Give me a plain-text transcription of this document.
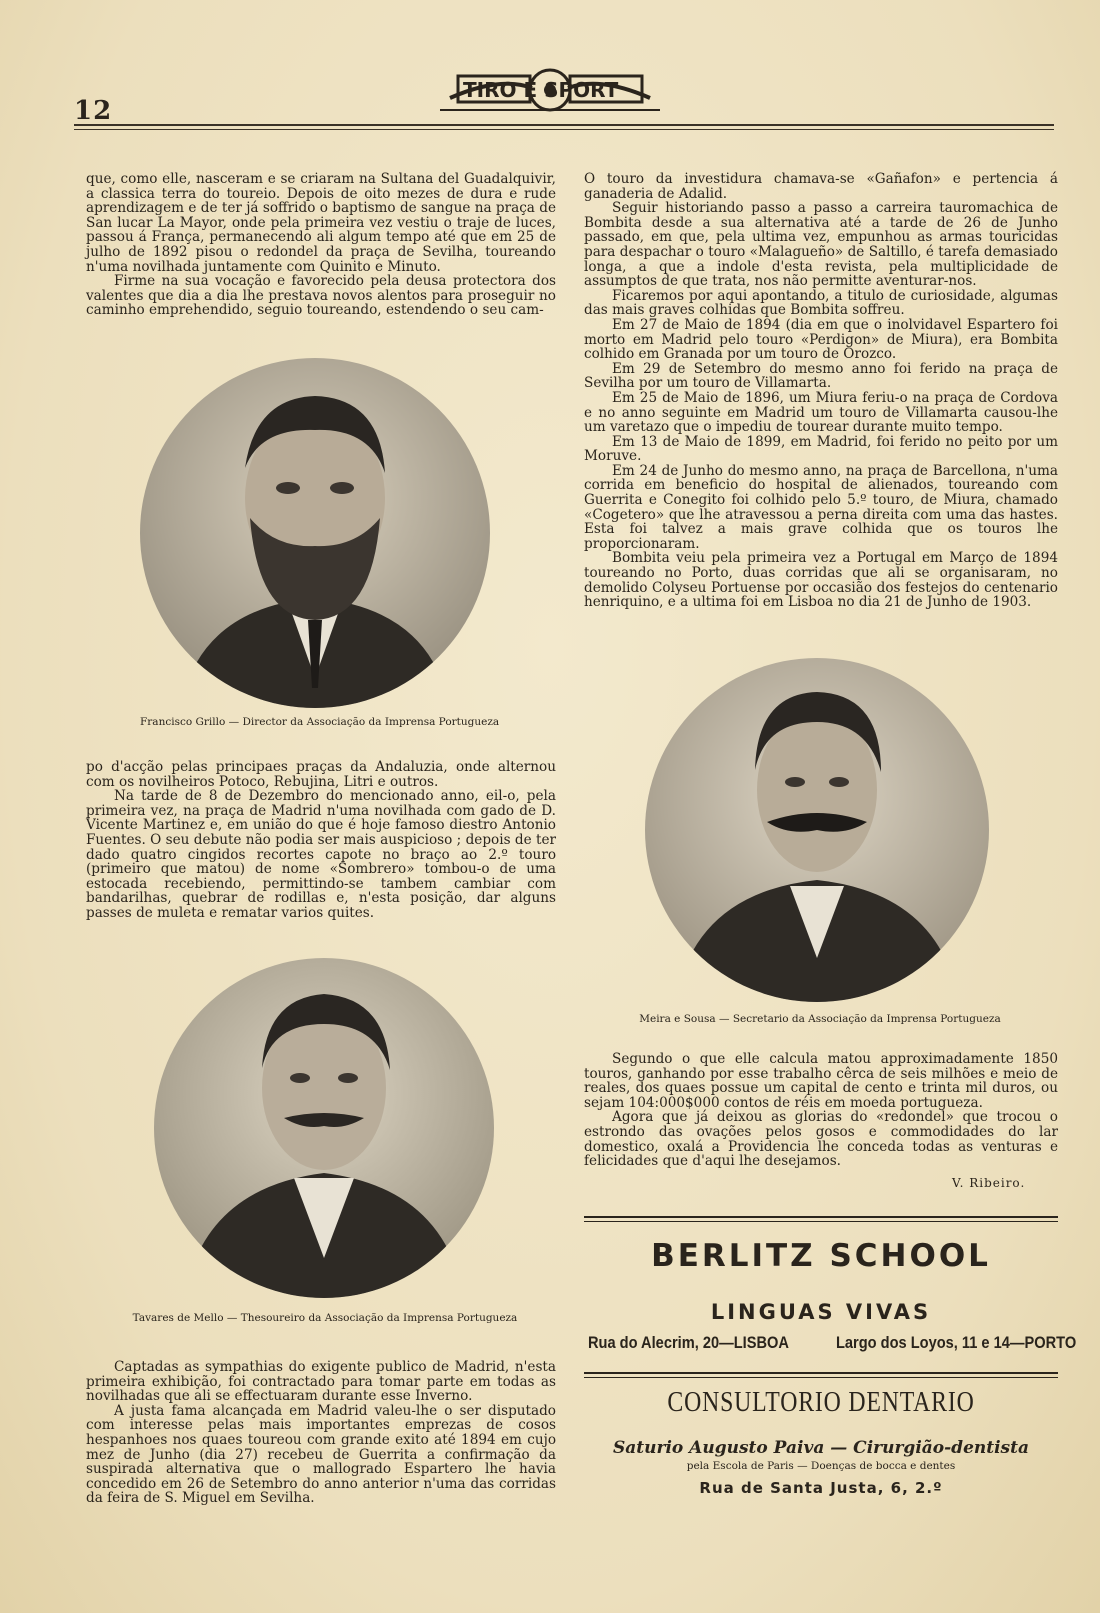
12
TIRO E SPORT

que, como elle, nasceram e se criaram na Sultana del Guadalquivir, a classica terra do toureio. Depois de oito mezes de dura e rude aprendizagem e de ter já soffrido o baptismo de sangue na praça de San lucar La Mayor, onde pela primeira vez vestiu o traje de luces, passou á França, permanecendo ali algum tempo até que em 25 de julho de 1892 pisou o redondel da praça de Sevilha, toureando n'uma novilhada juntamente com Quinito e Minuto.

Firme na sua vocação e favorecido pela deusa protectora dos valentes que dia a dia lhe prestava novos alentos para proseguir no caminho emprehendido, seguio toureando, estendendo o seu cam-

Francisco Grillo — Director da Associação da Imprensa Portugueza

po d'acção pelas principaes praças da Andaluzia, onde alternou com os novilheiros Potoco, Rebujina, Litri e outros.

Na tarde de 8 de Dezembro do mencionado anno, eil-o, pela primeira vez, na praça de Madrid n'uma novilhada com gado de D. Vicente Martinez e, em união do que é hoje famoso diestro Antonio Fuentes. O seu debute não podia ser mais auspicioso ; depois de ter dado quatro cingidos recortes capote no braço ao 2.º touro (primeiro que matou) de nome «Sombrero» tombou-o de uma estocada recebiendo, permittindo-se tambem cambiar com bandarilhas, quebrar de rodillas e, n'esta posição, dar alguns passes de muleta e rematar varios quites.

Tavares de Mello — Thesoureiro da Associação da Imprensa Portugueza

Captadas as sympathias do exigente publico de Madrid, n'esta primeira exhibição, foi contractado para tomar parte em todas as novilhadas que ali se effectuaram durante esse Inverno.

A justa fama alcançada em Madrid valeu-lhe o ser disputado com interesse pelas mais importantes emprezas de cosos hespanhoes nos quaes toureou com grande exito até 1894 em cujo mez de Junho (dia 27) recebeu de Guerrita a confirmação da suspirada alternativa que o mallogrado Espartero lhe havia concedido em 26 de Setembro do anno anterior n'uma das corridas da feira de S. Miguel em Sevilha.

O touro da investidura chamava-se «Gañafon» e pertencia á ganaderia de Adalid.

Seguir historiando passo a passo a carreira tauromachica de Bombita desde a sua alternativa até a tarde de 26 de Junho passado, em que, pela ultima vez, empunhou as armas touricidas para despachar o touro «Malagueño» de Saltillo, é tarefa demasiado longa, a que a indole d'esta revista, pela multiplicidade de assumptos de que trata, nos não permitte aventurar-nos.

Ficaremos por aqui apontando, a titulo de curiosidade, algumas das mais graves colhidas que Bombita soffreu.

Em 27 de Maio de 1894 (dia em que o inolvidavel Espartero foi morto em Madrid pelo touro «Perdigon» de Miura), era Bombita colhido em Granada por um touro de Orozco.

Em 29 de Setembro do mesmo anno foi ferido na praça de Sevilha por um touro de Villamarta.

Em 25 de Maio de 1896, um Miura feriu-o na praça de Cordova e no anno seguinte em Madrid um touro de Villamarta causou-lhe um varetazo que o impediu de tourear durante muito tempo.

Em 13 de Maio de 1899, em Madrid, foi ferido no peito por um Moruve.

Em 24 de Junho do mesmo anno, na praça de Barcellona, n'uma corrida em beneficio do hospital de alienados, toureando com Guerrita e Conegito foi colhido pelo 5.º touro, de Miura, chamado «Cogetero» que lhe atravessou a perna direita com uma das hastes. Esta foi talvez a mais grave colhida que os touros lhe proporcionaram.

Bombita veiu pela primeira vez a Portugal em Março de 1894 toureando no Porto, duas corridas que ali se organisaram, no demolido Colyseu Portuense por occasião dos festejos do centenario henriquino, e a ultima foi em Lisboa no dia 21 de Junho de 1903.

Meira e Sousa — Secretario da Associação da Imprensa Portugueza

Segundo o que elle calcula matou approximadamente 1850 touros, ganhando por esse trabalho cêrca de seis milhões e meio de reales, dos quaes possue um capital de cento e trinta mil duros, ou sejam 104:000$000 contos de réis em moeda portugueza.

Agora que já deixou as glorias do «redondel» que trocou o estrondo das ovações pelos gosos e commodidades do lar domestico, oxalá a Providencia lhe conceda todas as venturas e felicidades que d'aqui lhe desejamos.

V. Ribeiro.
BERLITZ SCHOOL
LINGUAS VIVAS
Rua do Alecrim, 20—LISBOA	Largo dos Loyos, 11 e 14—PORTO
CONSULTORIO DENTARIO
Saturio Augusto Paiva — Cirurgião-dentista
pela Escola de Paris — Doenças de bocca e dentes
Rua de Santa Justa, 6, 2.º
